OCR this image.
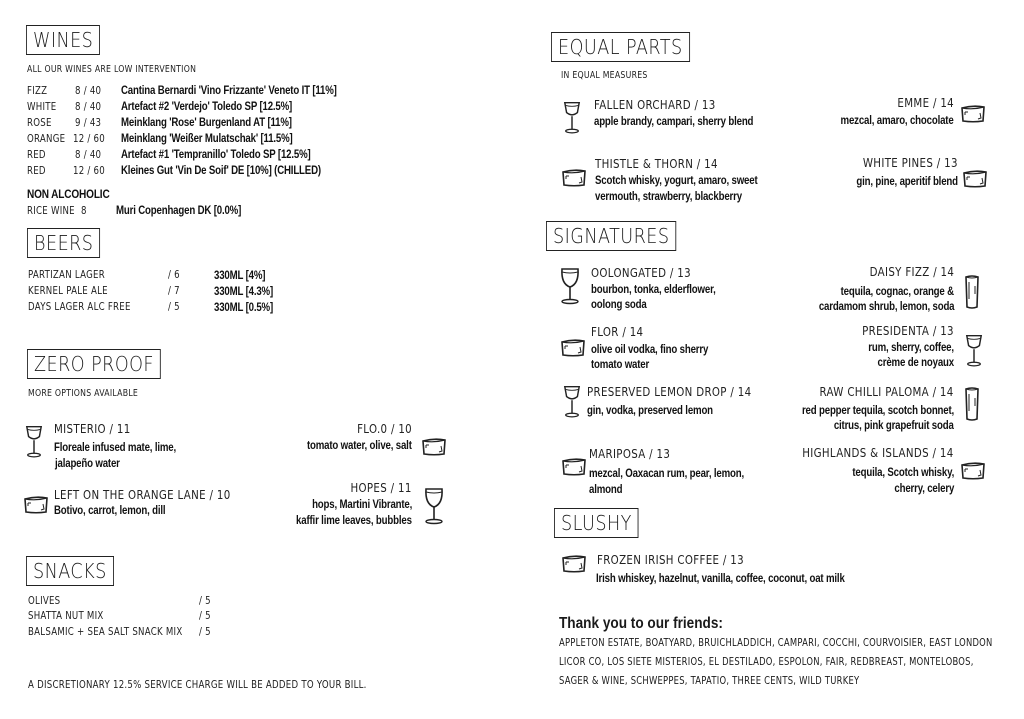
WINES
ALL OUR WINES ARE LOW INTERVENTION
FIZZ	8 / 40 Cantina Bernardi 'Vino Frizzante' Veneto IT [11%]
WHITE 8 / 40 Artefact #2 'Verdejo' Toledo SP [12.5%]
ROSE 9 / 43 Meinklang 'Rose' Burgenland AT [11%]
ORANGE 12 / 60 Meinklang 'Weißer Mulatschak' [11.5%]
RED	8 / 40 Artefact #1 'Tempranillo' Toledo SP [12.5%]
RED	12 / 60 Kleines Gut 'Vin De Soif' DE [10%] (CHILLED)
NON ALCOHOLIC
RICE WINE 8	Muri Copenhagen DK [0.0%]
BEERS
PARTIZAN LAGER	/ 6	330ML [4%]
KERNEL PALE ALE	/ 7	330ML [4.3%]
DAYS LAGER ALC FREE	/ 5	330ML [0.5%]
ZERO PROOF
MORE OPTIONS AVAILABLE
MISTERIO / 11
Floreale infused mate, lime,
jalapeño water
FLO.0 / 10
tomato water, olive, salt
LEFT ON THE ORANGE LANE / 10
Botivo, carrot, lemon, dill
HOPES / 11
hops, Martini Vibrante,
kaffir lime leaves, bubbles
SNACKS
OLIVES	/ 5
SHATTA NUT MIX	/ 5
BALSAMIC + SEA SALT SNACK MIX / 5
A DISCRETIONARY 12.5% SERVICE CHARGE WILL BE ADDED TO YOUR BILL.
EQUAL PARTS
IN EQUAL MEASURES
FALLEN ORCHARD / 13
apple brandy, campari, sherry blend
EMME / 14
mezcal, amaro, chocolate
THISTLE & THORN / 14
Scotch whisky, yogurt, amaro, sweet
vermouth, strawberry, blackberry
WHITE PINES / 13
gin, pine, aperitif blend
SIGNATURES
OOLONGATED / 13
bourbon, tonka, elderflower,
oolong soda
DAISY FIZZ / 14
tequila, cognac, orange &
cardamom shrub, lemon, soda
FLOR / 14
olive oil vodka, fino sherry
tomato water
PRESIDENTA / 13
rum, sherry, coffee,
crème de noyaux
PRESERVED LEMON DROP / 14
gin, vodka, preserved lemon
RAW CHILLI PALOMA / 14
red pepper tequila, scotch bonnet,
citrus, pink grapefruit soda
MARIPOSA / 13
mezcal, Oaxacan rum, pear, lemon,
almond
HIGHLANDS & ISLANDS / 14
tequila, Scotch whisky,
cherry, celery
SLUSHY
FROZEN IRISH COFFEE / 13
Irish whiskey, hazelnut, vanilla, coffee, coconut, oat milk
Thank you to our friends:
APPLETON ESTATE, BOATYARD, BRUICHLADDICH, CAMPARI, COCCHI, COURVOISIER, EAST LONDON
LICOR CO, LOS SIETE MISTERIOS, EL DESTILADO, ESPOLON, FAIR, REDBREAST, MONTELOBOS,
SAGER & WINE, SCHWEPPES, TAPATIO, THREE CENTS, WILD TURKEY
